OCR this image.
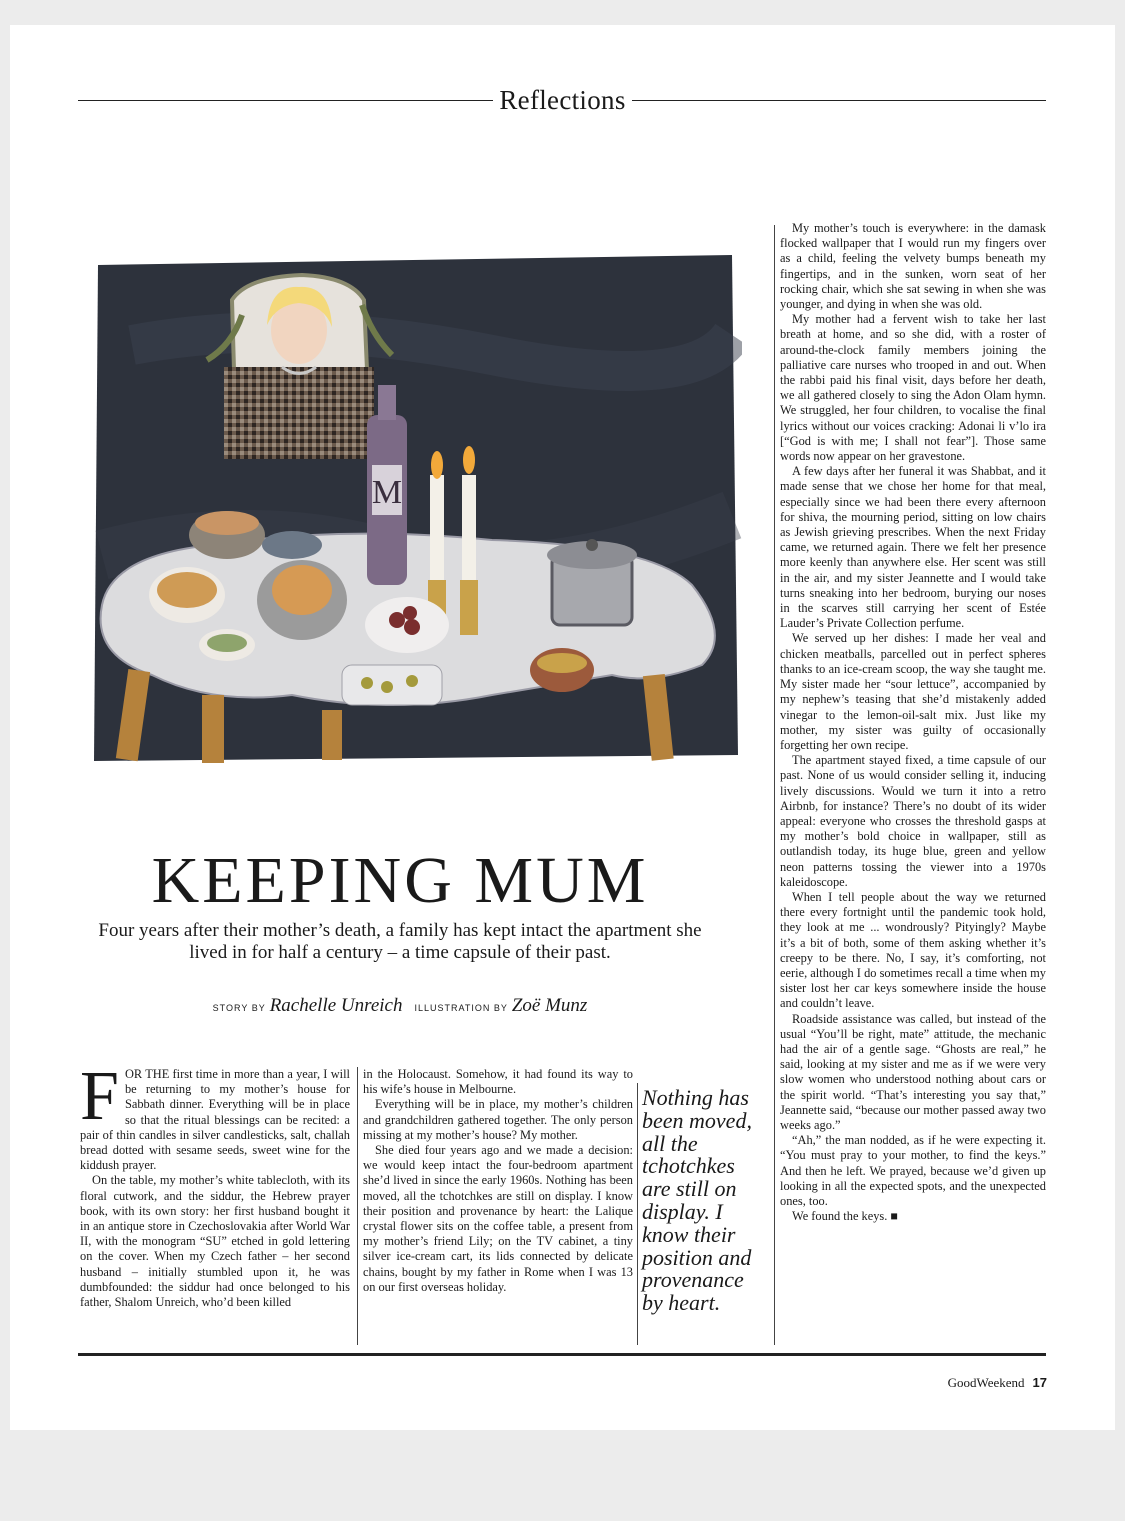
Reflections
M
KEEPING MUM
Four years after their mother’s death, a family has kept intact the apartment she lived in for half a century – a time capsule of their past.
STORY BY Rachelle Unreich ILLUSTRATION BY Zoë Munz

FOR THE first time in more than a year, I will be returning to my mother’s house for Sabbath dinner. Everything will be in place so that the ritual blessings can be recited: a pair of thin candles in silver candlesticks, salt, challah bread dotted with sesame seeds, sweet wine for the kiddush prayer.

On the table, my mother’s white tablecloth, with its floral cutwork, and the siddur, the Hebrew prayer book, with its own story: her first husband bought it in an antique store in Czechoslovakia after World War II, with the monogram “SU” etched in gold lettering on the cover. When my Czech father – her second husband – initially stumbled upon it, he was dumbfounded: the siddur had once belonged to his father, Shalom Unreich, who’d been killed

in the Holocaust. Somehow, it had found its way to his wife’s house in Melbourne.

Everything will be in place, my mother’s children and grandchildren gathered together. The only person missing at my mother’s house? My mother.

She died four years ago and we made a decision: we would keep intact the four-bedroom apartment she’d lived in since the early 1960s. Nothing has been moved, all the tchotchkes are still on display. I know their position and provenance by heart: the Lalique crystal flower sits on the coffee table, a present from my mother’s friend Lily; on the TV cabinet, a tiny silver ice-cream cart, its lids connected by delicate chains, bought by my father in Rome when I was 13 on our first overseas holiday.

Nothing has been moved, all the tchotchkes are still on display. I know their position and provenance by heart.

My mother’s touch is everywhere: in the damask flocked wallpaper that I would run my fingers over as a child, feeling the velvety bumps beneath my fingertips, and in the sunken, worn seat of her rocking chair, which she sat sewing in when she was younger, and dying in when she was old.

My mother had a fervent wish to take her last breath at home, and so she did, with a roster of around-the-clock family members joining the palliative care nurses who trooped in and out. When the rabbi paid his final visit, days before her death, we all gathered closely to sing the Adon Olam hymn. We struggled, her four children, to vocalise the final lyrics without our voices cracking: Adonai li v’lo ira [“God is with me; I shall not fear”]. Those same words now appear on her gravestone.

A few days after her funeral it was Shabbat, and it made sense that we chose her home for that meal, especially since we had been there every afternoon for shiva, the mourning period, sitting on low chairs as Jewish grieving prescribes. When the next Friday came, we returned again. There we felt her presence more keenly than anywhere else. Her scent was still in the air, and my sister Jeannette and I would take turns sneaking into her bedroom, burying our noses in the scarves still carrying her scent of Estée Lauder’s Private Collection perfume.

We served up her dishes: I made her veal and chicken meatballs, parcelled out in perfect spheres thanks to an ice-cream scoop, the way she taught me. My sister made her “sour lettuce”, accompanied by my nephew’s teasing that she’d mistakenly added vinegar to the lemon-oil-salt mix. Just like my mother, my sister was guilty of occasionally forgetting her own recipe.

The apartment stayed fixed, a time capsule of our past. None of us would consider selling it, inducing lively discussions. Would we turn it into a retro Airbnb, for instance? There’s no doubt of its wider appeal: everyone who crosses the threshold gasps at my mother’s bold choice in wallpaper, still as outlandish today, its huge blue, green and yellow neon patterns tossing the viewer into a 1970s kaleidoscope.

When I tell people about the way we returned there every fortnight until the pandemic took hold, they look at me ... wondrously? Pityingly? Maybe it’s a bit of both, some of them asking whether it’s creepy to be there. No, I say, it’s comforting, not eerie, although I do sometimes recall a time when my sister lost her car keys somewhere inside the house and couldn’t leave.

Roadside assistance was called, but instead of the usual “You’ll be right, mate” attitude, the mechanic had the air of a gentle sage. “Ghosts are real,” he said, looking at my sister and me as if we were very slow women who understood nothing about cars or the spirit world. “That’s interesting you say that,” Jeannette said, “because our mother passed away two weeks ago.”

“Ah,” the man nodded, as if he were expecting it. “You must pray to your mother, to find the keys.” And then he left. We prayed, because we’d given up looking in all the expected spots, and the unexpected ones, too.

We found the keys. ■

GoodWeekend 17
